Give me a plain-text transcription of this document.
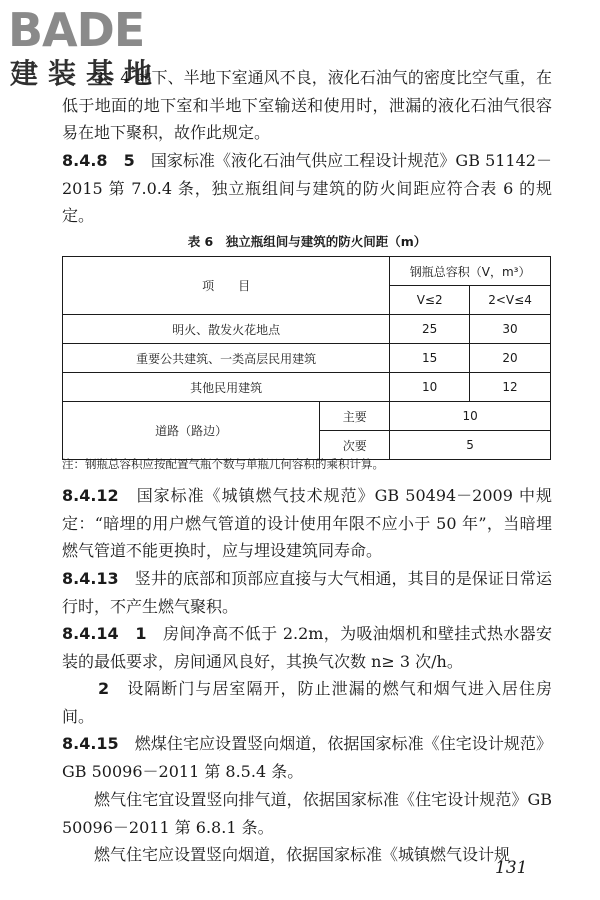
BADE
建装基地

3、4 地下、半地下室通风不良，液化石油气的密度比空气重，在低于地面的地下室和半地下室输送和使用时，泄漏的液化石油气很容易在地下聚积，故作此规定。

8.4.8　 5　 国家标准《液化石油气供应工程设计规范》GB 51142－2015 第 7.0.4 条，独立瓶组间与建筑的防火间距应符合表 6 的规定。

表 6　独立瓶组间与建筑的防火间距（m）
项　　目		钢瓶总容积（V，m³）	
		V≤2	2<V≤4
明火、散发火花地点		25	30
重要公共建筑、一类高层民用建筑		15	20
其他民用建筑		10	12
道路（路边）	主要	10	
	次要	5	
注：钢瓶总容积应按配置气瓶个数与单瓶几何容积的乘积计算。

8.4.12　 国家标准《城镇燃气技术规范》GB 50494－2009 中规定：“暗埋的用户燃气管道的设计使用年限不应小于 50 年”，当暗埋燃气管道不能更换时，应与埋设建筑同寿命。

8.4.13　 竖井的底部和顶部应直接与大气相通，其目的是保证日常运行时，不产生燃气聚积。

8.4.14　 1　 房间净高不低于 2.2m，为吸油烟机和壁挂式热水器安装的最低要求，房间通风良好，其换气次数 n≥ 3 次/h。

2　 设隔断门与居室隔开，防止泄漏的燃气和烟气进入居住房间。

8.4.15　 燃煤住宅应设置竖向烟道，依据国家标准《住宅设计规范》GB 50096－2011 第 8.5.4 条。

燃气住宅宜设置竖向排气道，依据国家标准《住宅设计规范》GB 50096－2011 第 6.8.1 条。

燃气住宅应设置竖向烟道，依据国家标准《城镇燃气设计规

131
